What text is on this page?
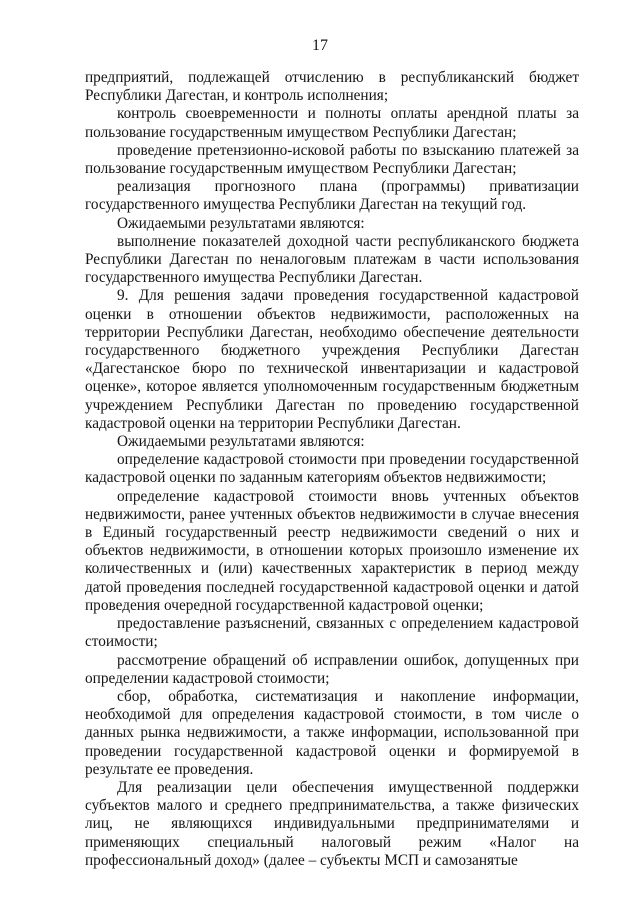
17

предприятий, подлежащей отчислению в республиканский бюджет Республики Дагестан, и контроль исполнения;

контроль своевременности и полноты оплаты арендной платы за пользование государственным имуществом Республики Дагестан;

проведение претензионно-исковой работы по взысканию платежей за пользование государственным имуществом Республики Дагестан;

реализация прогнозного плана (программы) приватизации государственного имущества Республики Дагестан на текущий год.

Ожидаемыми результатами являются:

выполнение показателей доходной части республиканского бюджета Республики Дагестан по неналоговым платежам в части использования государственного имущества Республики Дагестан.

9. Для решения задачи проведения государственной кадастровой оценки в отношении объектов недвижимости, расположенных на территории Республики Дагестан, необходимо обеспечение деятельности государственного бюджетного учреждения Республики Дагестан «Дагестанское бюро по технической инвентаризации и кадастровой оценке», которое является уполномоченным государственным бюджетным учреждением Республики Дагестан по проведению государственной кадастровой оценки на территории Республики Дагестан.

Ожидаемыми результатами являются:

определение кадастровой стоимости при проведении государственной кадастровой оценки по заданным категориям объектов недвижимости;

определение кадастровой стоимости вновь учтенных объектов недвижимости, ранее учтенных объектов недвижимости в случае внесения в Единый государственный реестр недвижимости сведений о них и объектов недвижимости, в отношении которых произошло изменение их количественных и (или) качественных характеристик в период между датой проведения последней государственной кадастровой оценки и датой проведения очередной государственной кадастровой оценки;

предоставление разъяснений, связанных с определением кадастровой стоимости;

рассмотрение обращений об исправлении ошибок, допущенных при определении кадастровой стоимости;

сбор, обработка, систематизация и накопление информации, необходимой для определения кадастровой стоимости, в том числе о данных рынка недвижимости, а также информации, использованной при проведении государственной кадастровой оценки и формируемой в результате ее проведения.

Для реализации цели обеспечения имущественной поддержки субъектов малого и среднего предпринимательства, а также физических лиц, не являющихся индивидуальными предпринимателями и применяющих специальный налоговый режим «Налог на профессиональный доход» (далее – субъекты МСП и самозанятые
